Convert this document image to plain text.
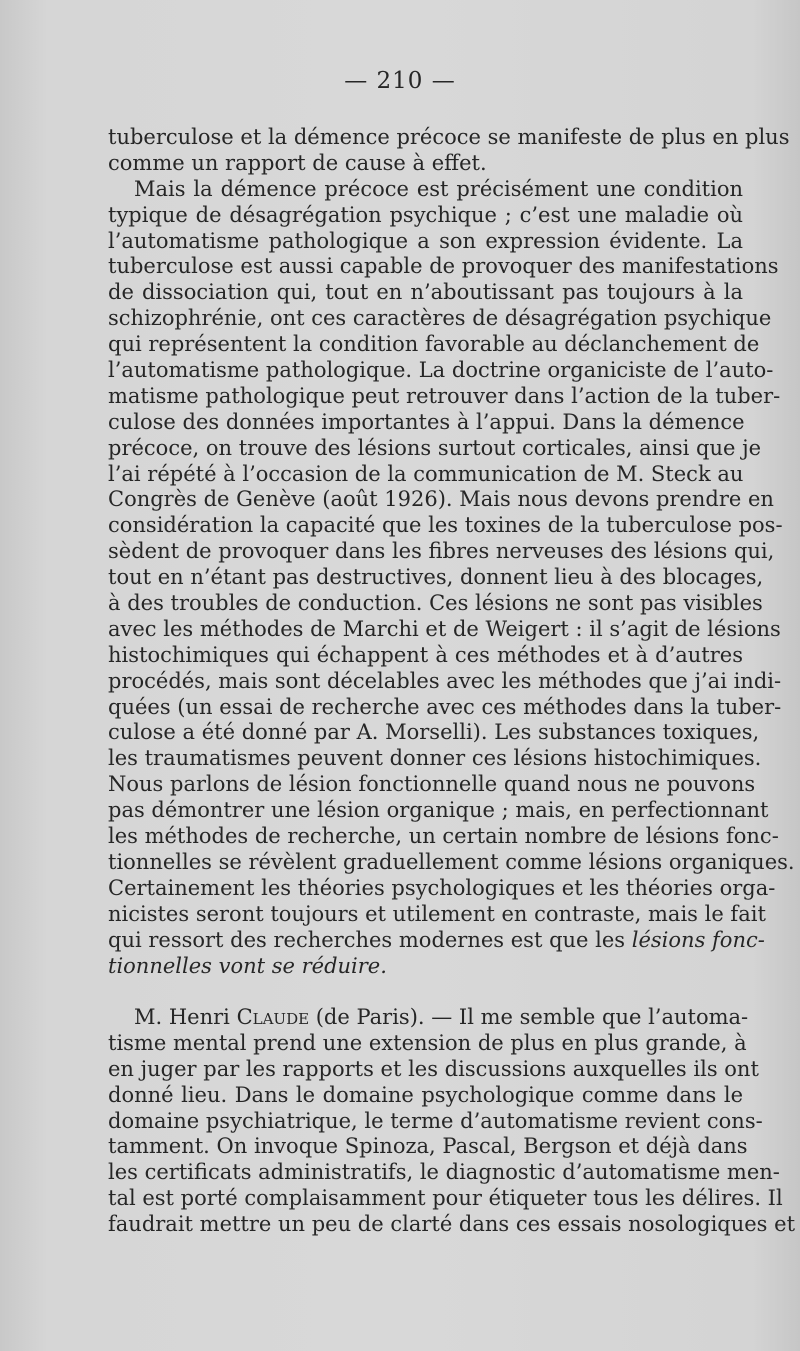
— 210 —
tuberculose et la démence précoce se manifeste de plus en plus
comme un rapport de cause à effet.
Mais la démence précoce est précisément une condition
typique de désagrégation psychique ; c’est une maladie où
l’automatisme pathologique a son expression évidente. La
tuberculose est aussi capable de provoquer des manifestations
de dissociation qui, tout en n’aboutissant pas toujours à la
schizophrénie, ont ces caractères de désagrégation psychique
qui représentent la condition favorable au déclanchement de
l’automatisme pathologique. La doctrine organiciste de l’auto-
matisme pathologique peut retrouver dans l’action de la tuber-
culose des données importantes à l’appui. Dans la démence
précoce, on trouve des lésions surtout corticales, ainsi que je
l’ai répété à l’occasion de la communication de M. Steck au
Congrès de Genève (août 1926). Mais nous devons prendre en
considération la capacité que les toxines de la tuberculose pos-
sèdent de provoquer dans les fibres nerveuses des lésions qui,
tout en n’étant pas destructives, donnent lieu à des blocages,
à des troubles de conduction. Ces lésions ne sont pas visibles
avec les méthodes de Marchi et de Weigert : il s’agit de lésions
histochimiques qui échappent à ces méthodes et à d’autres
procédés, mais sont décelables avec les méthodes que j’ai indi-
quées (un essai de recherche avec ces méthodes dans la tuber-
culose a été donné par A. Morselli). Les substances toxiques,
les traumatismes peuvent donner ces lésions histochimiques.
Nous parlons de lésion fonctionnelle quand nous ne pouvons
pas démontrer une lésion organique ; mais, en perfectionnant
les méthodes de recherche, un certain nombre de lésions fonc-
tionnelles se révèlent graduellement comme lésions organiques.
Certainement les théories psychologiques et les théories orga-
nicistes seront toujours et utilement en contraste, mais le fait
qui ressort des recherches modernes est que les lésions fonc-
tionnelles vont se réduire.
M. Henri Claude (de Paris). — Il me semble que l’automa-
tisme mental prend une extension de plus en plus grande, à
en juger par les rapports et les discussions auxquelles ils ont
donné lieu. Dans le domaine psychologique comme dans le
domaine psychiatrique, le terme d’automatisme revient cons-
tamment. On invoque Spinoza, Pascal, Bergson et déjà dans
les certificats administratifs, le diagnostic d’automatisme men-
tal est porté complaisamment pour étiqueter tous les délires. Il
faudrait mettre un peu de clarté dans ces essais nosologiques et
